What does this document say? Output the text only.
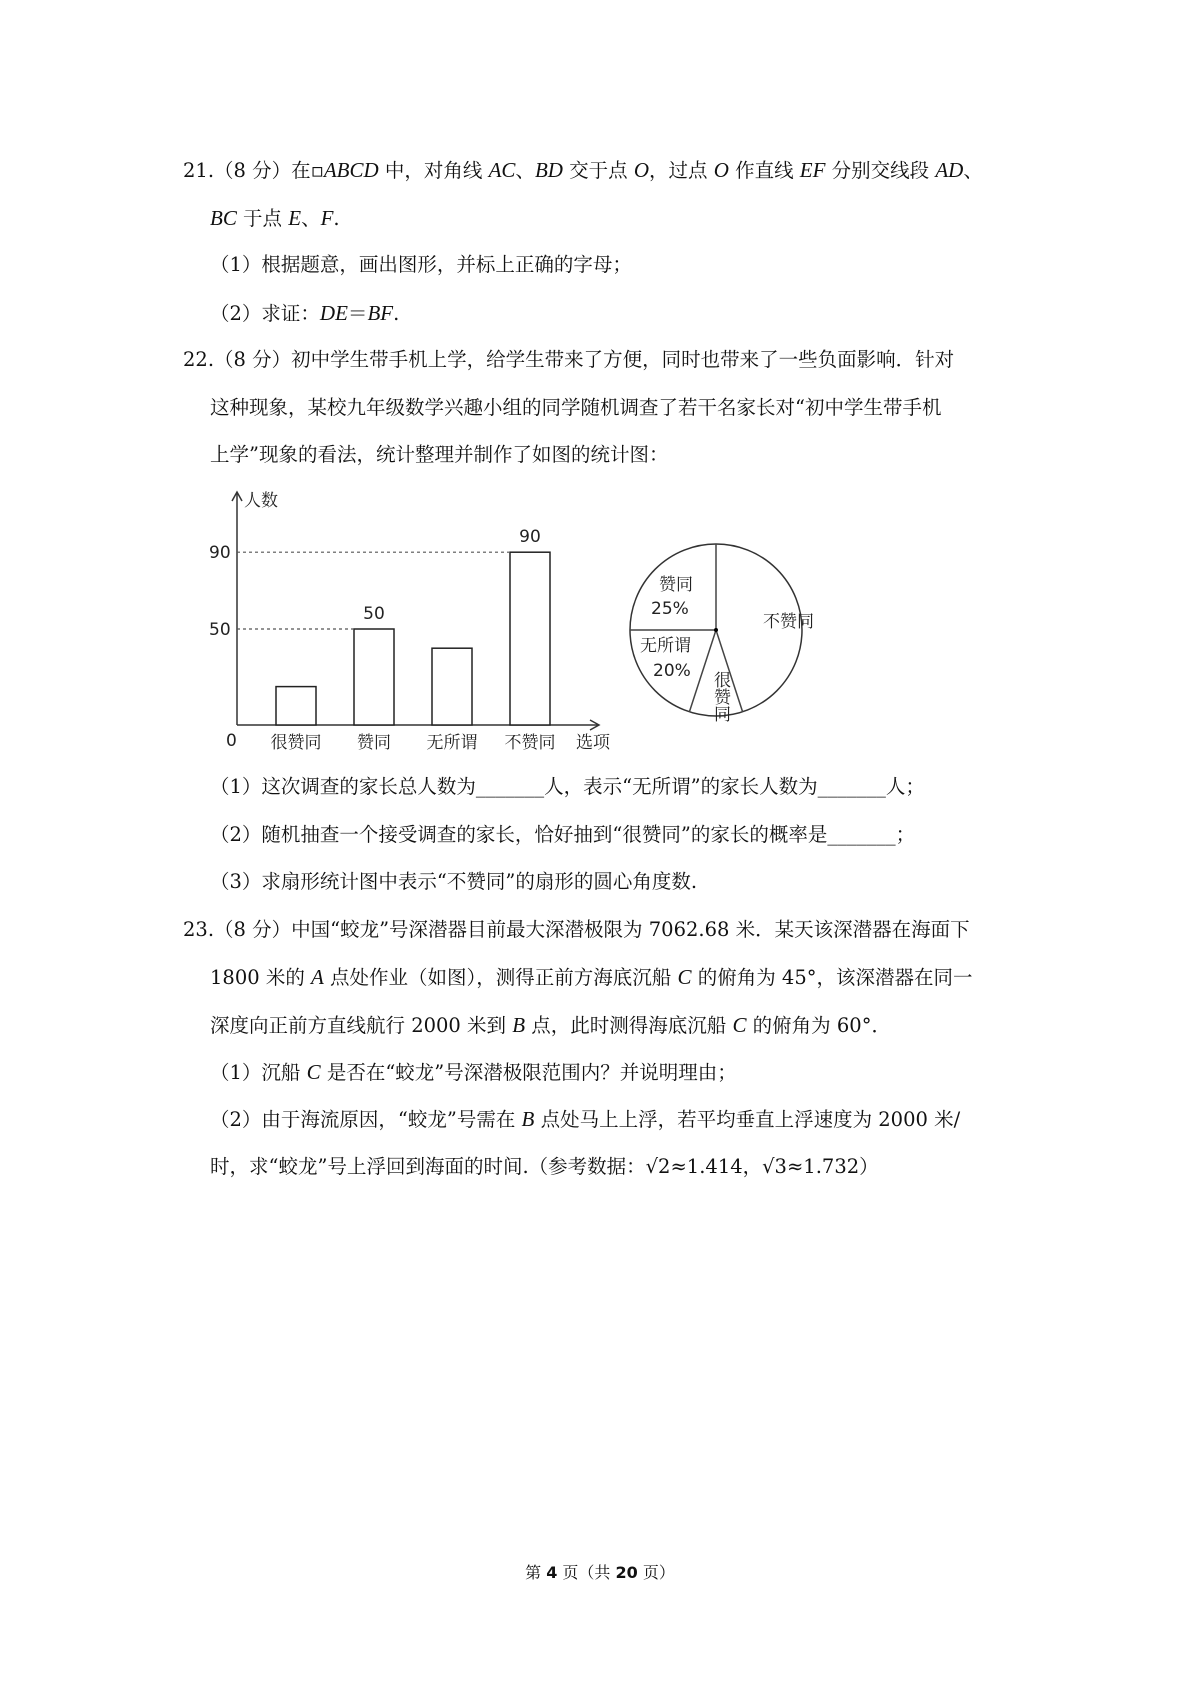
21.（8 分）在▫ABCD 中，对角线 AC、BD 交于点 O，过点 O 作直线 EF 分别交线段 AD、
BC 于点 E、F.
（1）根据题意，画出图形，并标上正确的字母；
（2）求证：DE＝BF.
22.（8 分）初中学生带手机上学，给学生带来了方便，同时也带来了一些负面影响．针对
这种现象，某校九年级数学兴趣小组的同学随机调查了若干名家长对“初中学生带手机
上学”现象的看法，统计整理并制作了如图的统计图：
（1）这次调查的家长总人数为_______人，表示“无所谓”的家长人数为_______人；
（2）随机抽查一个接受调查的家长，恰好抽到“很赞同”的家长的概率是_______；
（3）求扇形统计图中表示“不赞同”的扇形的圆心角度数.
23.（8 分）中国“蛟龙”号深潜器目前最大深潜极限为 7062.68 米．某天该深潜器在海面下
1800 米的 A 点处作业（如图），测得正前方海底沉船 C 的俯角为 45°，该深潜器在同一
深度向正前方直线航行 2000 米到 B 点，此时测得海底沉船 C 的俯角为 60°．
（1）沉船 C 是否在“蛟龙”号深潜极限范围内？并说明理由；
（2）由于海流原因，“蛟龙”号需在 B 点处马上上浮，若平均垂直上浮速度为 2000 米/
时，求“蛟龙”号上浮回到海面的时间.（参考数据：√2≈1.414，√3≈1.732）
人数
选项
0
50
90
很赞同 赞同
50
无所谓 不赞同
90
不赞同
很赞同
无所谓
20%
赞同
25%
第 4 页（共 20 页）
